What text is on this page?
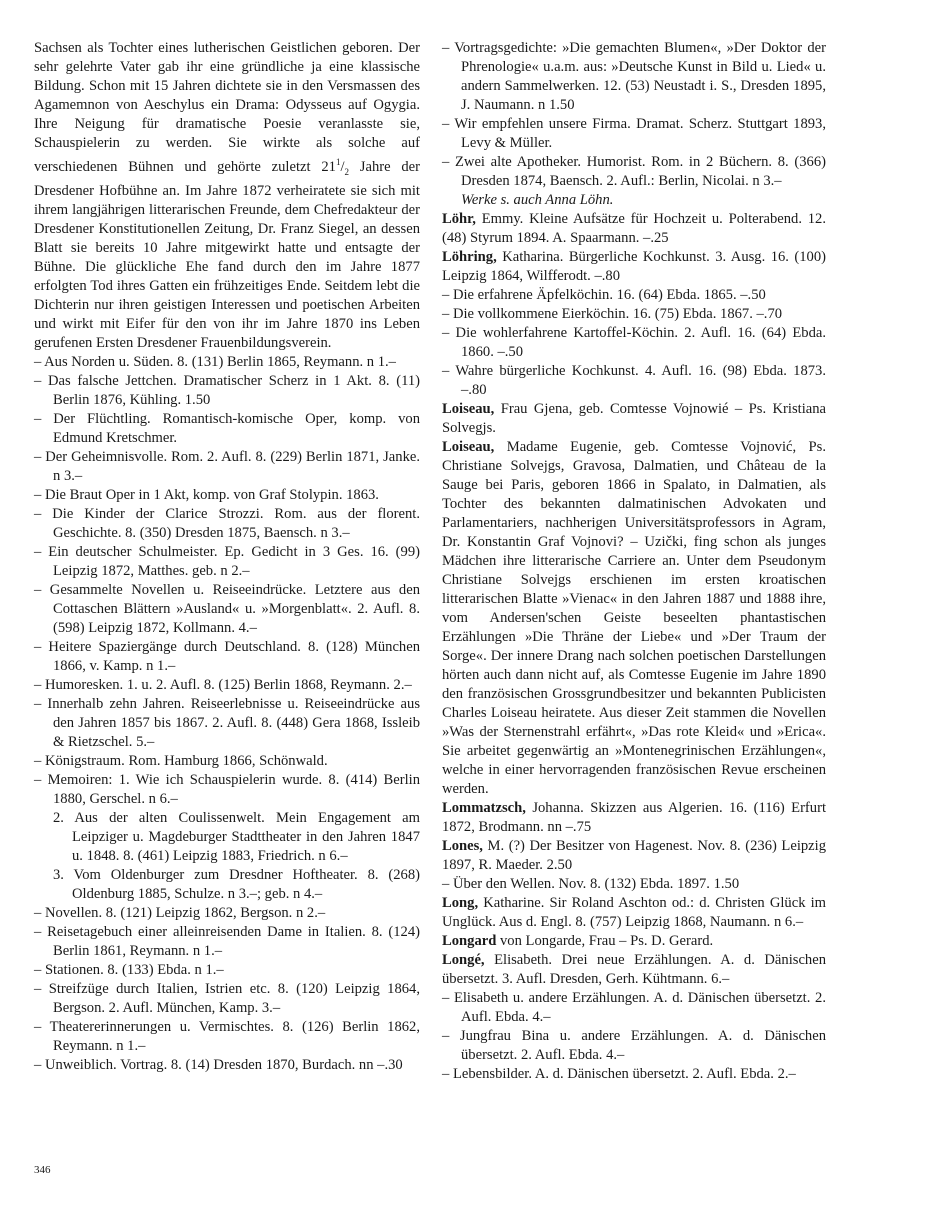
Sachsen als Tochter eines lutherischen Geistlichen geboren. Der sehr gelehrte Vater gab ihr eine gründliche ja eine klassische Bildung. Schon mit 15 Jahren dichtete sie in den Versmassen des Agamemnon von Aeschylus ein Drama: Odysseus auf Ogygia. Ihre Neigung für dramatische Poesie veranlasste sie, Schauspielerin zu werden. Sie wirkte als solche auf verschiedenen Bühnen und gehörte zuletzt $21^1/_2$ Jahre der Dresdener Hofbühne an. Im Jahre 1872 verheiratete sie sich mit ihrem langjährigen litterarischen Freunde, dem Chefredakteur der Dresdener Konstitutionellen Zeitung, Dr. Franz Siegel, an dessen Blatt sie bereits 10 Jahre mitgewirkt hatte und entsagte der Bühne. Die glückliche Ehe fand durch den im Jahre 1877 erfolgten Tod ihres Gatten ein frühzeitiges Ende. Seitdem lebt die Dichterin nur ihren geistigen Interessen und poetischen Arbeiten und wirkt mit Eifer für den von ihr im Jahre 1870 ins Leben gerufenen Ersten Dresdener Frauenbildungsverein.
– Aus Norden u. Süden. 8. (131) Berlin 1865, Reymann. n 1.–
– Das falsche Jettchen. Dramatischer Scherz in 1 Akt. 8. (11) Berlin 1876, Kühling. 1.50
– Der Flüchtling. Romantisch-komische Oper, komp. von Edmund Kretschmer.
– Der Geheimnisvolle. Rom. 2. Aufl. 8. (229) Berlin 1871, Janke. n 3.–
– Die Braut Oper in 1 Akt, komp. von Graf Stolypin. 1863.
– Die Kinder der Clarice Strozzi. Rom. aus der florent. Geschichte. 8. (350) Dresden 1875, Baensch. n 3.–
– Ein deutscher Schulmeister. Ep. Gedicht in 3 Ges. 16. (99) Leipzig 1872, Matthes. geb. n 2.–
– Gesammelte Novellen u. Reiseeindrücke. Letztere aus den Cottaschen Blättern »Ausland« u. »Morgenblatt«. 2. Aufl. 8. (598) Leipzig 1872, Kollmann. 4.–
– Heitere Spaziergänge durch Deutschland. 8. (128) München 1866, v. Kamp. n 1.–
– Humoresken. 1. u. 2. Aufl. 8. (125) Berlin 1868, Reymann. 2.–
– Innerhalb zehn Jahren. Reiseerlebnisse u. Reiseeindrücke aus den Jahren 1857 bis 1867. 2. Aufl. 8. (448) Gera 1868, Issleib & Rietzschel. 5.–
– Königstraum. Rom. Hamburg 1866, Schönwald.
– Memoiren: 1. Wie ich Schauspielerin wurde. 8. (414) Berlin 1880, Gerschel. n 6.–
2. Aus der alten Coulissenwelt. Mein Engagement am Leipziger u. Magdeburger Stadttheater in den Jahren 1847 u. 1848. 8. (461) Leipzig 1883, Friedrich. n 6.–
3. Vom Oldenburger zum Dresdner Hoftheater. 8. (268) Oldenburg 1885, Schulze. n 3.–; geb. n 4.–
– Novellen. 8. (121) Leipzig 1862, Bergson. n 2.–
– Reisetagebuch einer alleinreisenden Dame in Italien. 8. (124) Berlin 1861, Reymann. n 1.–
– Stationen. 8. (133) Ebda. n 1.–
– Streifzüge durch Italien, Istrien etc. 8. (120) Leipzig 1864, Bergson. 2. Aufl. München, Kamp. 3.–
– Theatererinnerungen u. Vermischtes. 8. (126) Berlin 1862, Reymann. n 1.–
– Unweiblich. Vortrag. 8. (14) Dresden 1870, Burdach. nn –.30
– Vortragsgedichte: »Die gemachten Blumen«, »Der Doktor der Phrenologie« u.a.m. aus: »Deutsche Kunst in Bild u. Lied« u. andern Sammelwerken. 12. (53) Neustadt i. S., Dresden 1895, J. Naumann. n 1.50
– Wir empfehlen unsere Firma. Dramat. Scherz. Stuttgart 1893, Levy & Müller.
– Zwei alte Apotheker. Humorist. Rom. in 2 Büchern. 8. (366) Dresden 1874, Baensch. 2. Aufl.: Berlin, Nicolai. n 3.–
Werke s. auch Anna Löhn.
Löhr, Emmy. Kleine Aufsätze für Hochzeit u. Polterabend. 12. (48) Styrum 1894. A. Spaarmann. –.25
Löhring, Katharina. Bürgerliche Kochkunst. 3. Ausg. 16. (100) Leipzig 1864, Wilfferodt. –.80
– Die erfahrene Äpfelköchin. 16. (64) Ebda. 1865. –.50
– Die vollkommene Eierköchin. 16. (75) Ebda. 1867. –.70
– Die wohlerfahrene Kartoffel-Köchin. 2. Aufl. 16. (64) Ebda. 1860. –.50
– Wahre bürgerliche Kochkunst. 4. Aufl. 16. (98) Ebda. 1873. –.80
Loiseau, Frau Gjena, geb. Comtesse Vojnowié – Ps. Kristiana Solvegjs.
Loiseau, Madame Eugenie, geb. Comtesse Vojnović, Ps. Christiane Solvejgs, Gravosa, Dalmatien, und Château de la Sauge bei Paris, geboren 1866 in Spalato, in Dalmatien, als Tochter des bekannten dalmatinischen Advokaten und Parlamentariers, nachherigen Universitätsprofessors in Agram, Dr. Konstantin Graf Vojnovi? – Uzički, fing schon als junges Mädchen ihre litterarische Carriere an. Unter dem Pseudonym Christiane Solvejgs erschienen im ersten kroatischen litterarischen Blatte »Vienac« in den Jahren 1887 und 1888 ihre, vom Andersen'schen Geiste beseelten phantastischen Erzählungen »Die Thräne der Liebe« und »Der Traum der Sorge«. Der innere Drang nach solchen poetischen Darstellungen hörten auch dann nicht auf, als Comtesse Eugenie im Jahre 1890 den französischen Grossgrundbesitzer und bekannten Publicisten Charles Loiseau heiratete. Aus dieser Zeit stammen die Novellen »Was der Sternenstrahl erfährt«, »Das rote Kleid« und »Erica«. Sie arbeitet gegenwärtig an »Montenegrinischen Erzählungen«, welche in einer hervorragenden französischen Revue erscheinen werden.
Lommatzsch, Johanna. Skizzen aus Algerien. 16. (116) Erfurt 1872, Brodmann. nn –.75
Lones, M. (?) Der Besitzer von Hagenest. Nov. 8. (236) Leipzig 1897, R. Maeder. 2.50
– Über den Wellen. Nov. 8. (132) Ebda. 1897. 1.50
Long, Katharine. Sir Roland Aschton od.: d. Christen Glück im Unglück. Aus d. Engl. 8. (757) Leipzig 1868, Naumann. n 6.–
Longard von Longarde, Frau – Ps. D. Gerard.
Longé, Elisabeth. Drei neue Erzählungen. A. d. Dänischen übersetzt. 3. Aufl. Dresden, Gerh. Kühtmann. 6.–
– Elisabeth u. andere Erzählungen. A. d. Dänischen übersetzt. 2. Aufl. Ebda. 4.–
– Jungfrau Bina u. andere Erzählungen. A. d. Dänischen übersetzt. 2. Aufl. Ebda. 4.–
– Lebensbilder. A. d. Dänischen übersetzt. 2. Aufl. Ebda. 2.–
346
